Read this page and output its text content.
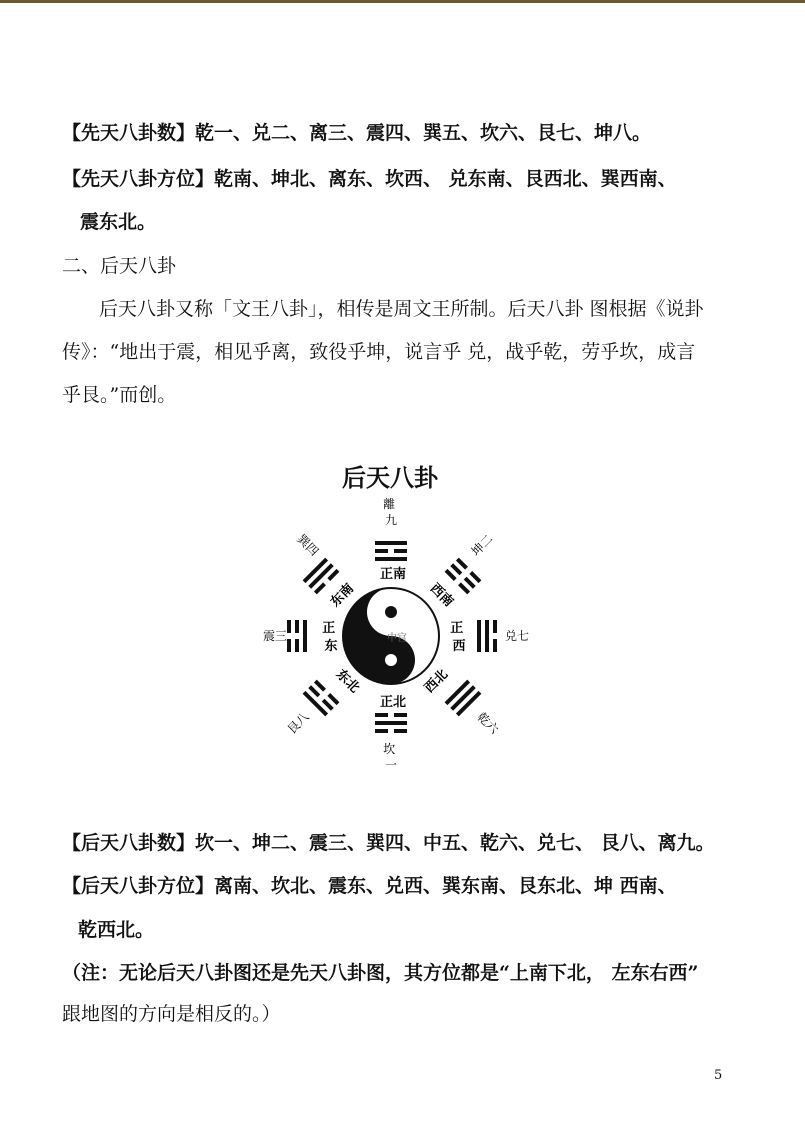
【先天八卦数】乾一、兑二、离三、震四、巽五、坎六、艮七、坤八。
【先天八卦方位】乾南、坤北、离东、坎西、 兑东南、艮西北、巽西南、
震东北。
二、后天八卦
后天八卦又称「文王八卦」，相传是周文王所制。后天八卦 图根据《说卦
传》：“地出于震，相见乎离，致役乎坤，说言乎 兑，战乎乾，劳乎坎，成言
乎艮。”而创。
后天八卦
中宫
正南
正北
东南	西南
东北	西北
正 东
正 西
離 九
坎 一
震三	兑七
巽四	坤二
乾六
艮八
【后天八卦数】坎一、坤二、震三、巽四、中五、乾六、兑七、 艮八、离九。
【后天八卦方位】离南、坎北、震东、兑西、巽东南、艮东北、坤 西南、
乾西北。
（注：无论后天八卦图还是先天八卦图，其方位都是“上南下北， 左东右西”
跟地图的方向是相反的。）
5
